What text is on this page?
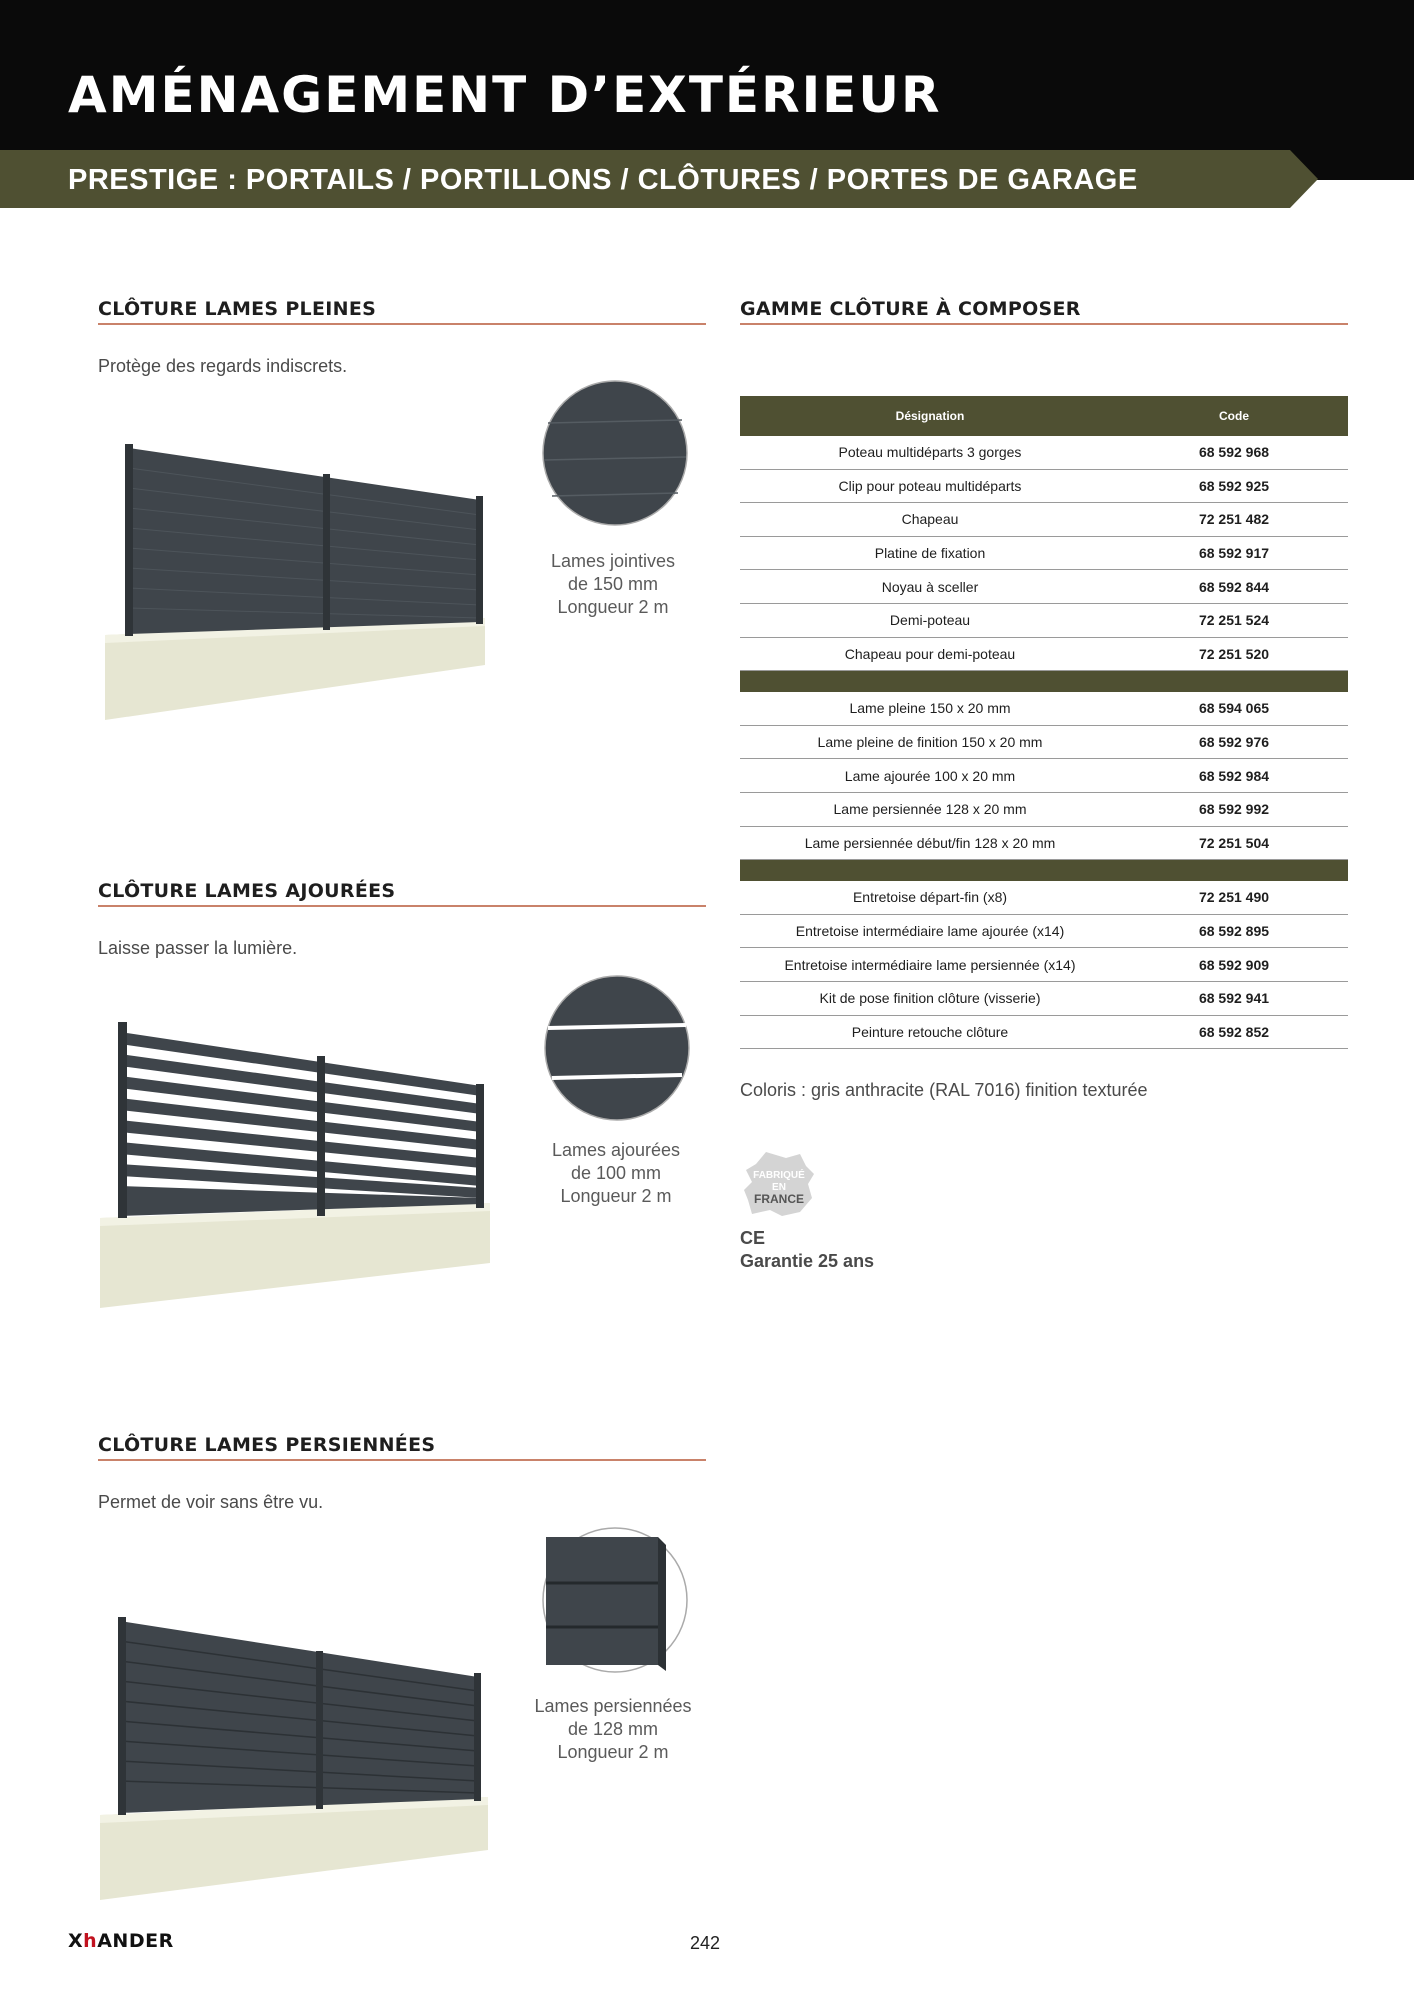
AMÉNAGEMENT D’EXTÉRIEUR
PRESTIGE : PORTAILS / PORTILLONS / CLÔTURES / PORTES DE GARAGE
CLÔTURE LAMES PLEINES
Protège des regards indiscrets.
Lames jointives
de 150 mm
Longueur 2 m
CLÔTURE LAMES AJOURÉES
Laisse passer la lumière.
Lames ajourées
de 100 mm
Longueur 2 m
CLÔTURE LAMES PERSIENNÉES
Permet de voir sans être vu.
Lames persiennées
de 128 mm
Longueur 2 m
GAMME CLÔTURE À COMPOSER
Désignation	Code
Poteau multidéparts 3 gorges	68 592 968
Clip pour poteau multidéparts	68 592 925
Chapeau	72 251 482
Platine de fixation	68 592 917
Noyau à sceller	68 592 844
Demi-poteau	72 251 524
Chapeau pour demi-poteau	72 251 520
Lame pleine 150 x 20 mm	68 594 065
Lame pleine de finition 150 x 20 mm	68 592 976
Lame ajourée 100 x 20 mm	68 592 984
Lame persiennée 128 x 20 mm	68 592 992
Lame persiennée début/fin 128 x 20 mm	72 251 504
Entretoise départ-fin (x8)	72 251 490
Entretoise intermédiaire lame ajourée (x14)	68 592 895
Entretoise intermédiaire lame persiennée (x14)	68 592 909
Kit de pose finition clôture (visserie)	68 592 941
Peinture retouche clôture	68 592 852
Coloris : gris anthracite (RAL 7016) finition texturée
FABRIQUÉ
EN
FRANCE
CE
Garantie 25 ans
XhANDER	242
